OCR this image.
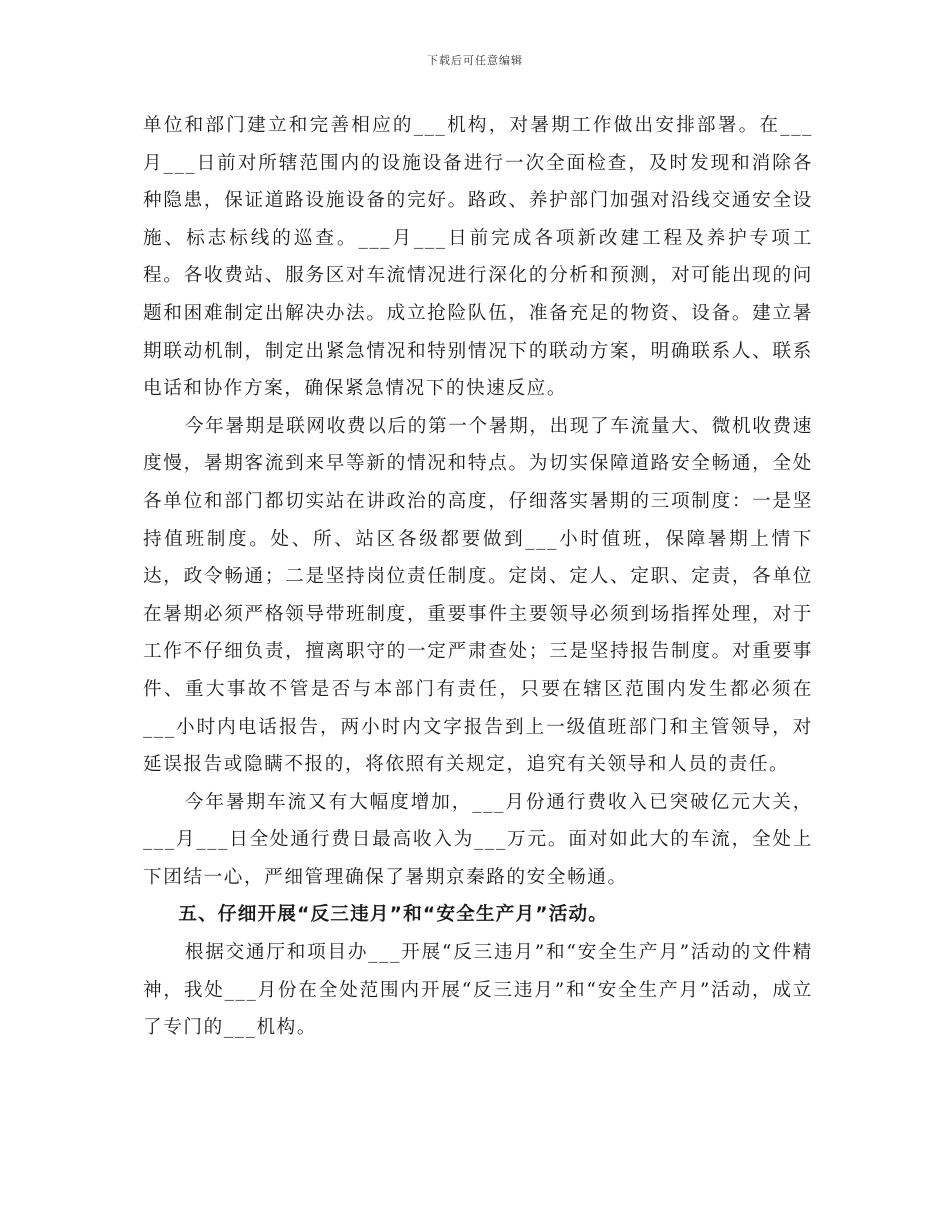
下载后可任意编辑

单位和部门建立和完善相应的___机构，对暑期工作做出安排部署。在___月___日前对所辖范围内的设施设备进行一次全面检查，及时发现和消除各种隐患，保证道路设施设备的完好。路政、养护部门加强对沿线交通安全设施、标志标线的巡查。___月___日前完成各项新改建工程及养护专项工程。各收费站、服务区对车流情况进行深化的分析和预测，对可能出现的问题和困难制定出解决办法。成立抢险队伍，准备充足的物资、设备。建立暑期联动机制，制定出紧急情况和特别情况下的联动方案，明确联系人、联系电话和协作方案，确保紧急情况下的快速反应。

今年暑期是联网收费以后的第一个暑期，出现了车流量大、微机收费速度慢，暑期客流到来早等新的情况和特点。为切实保障道路安全畅通，全处各单位和部门都切实站在讲政治的高度，仔细落实暑期的三项制度：一是坚持值班制度。处、所、站区各级都要做到___小时值班，保障暑期上情下达，政令畅通；二是坚持岗位责任制度。定岗、定人、定职、定责，各单位在暑期必须严格领导带班制度，重要事件主要领导必须到场指挥处理，对于工作不仔细负责，擅离职守的一定严肃查处；三是坚持报告制度。对重要事件、重大事故不管是否与本部门有责任，只要在辖区范围内发生都必须在___小时内电话报告，两小时内文字报告到上一级值班部门和主管领导，对延误报告或隐瞒不报的，将依照有关规定，追究有关领导和人员的责任。

今年暑期车流又有大幅度增加，___月份通行费收入已突破亿元大关，___月___日全处通行费日最高收入为___万元。面对如此大的车流，全处上下团结一心，严细管理确保了暑期京秦路的安全畅通。

五、仔细开展“反三违月”和“安全生产月”活动。

根据交通厅和项目办___开展“反三违月”和“安全生产月”活动的文件精神，我处___月份在全处范围内开展“反三违月”和“安全生产月”活动，成立了专门的___机构。
